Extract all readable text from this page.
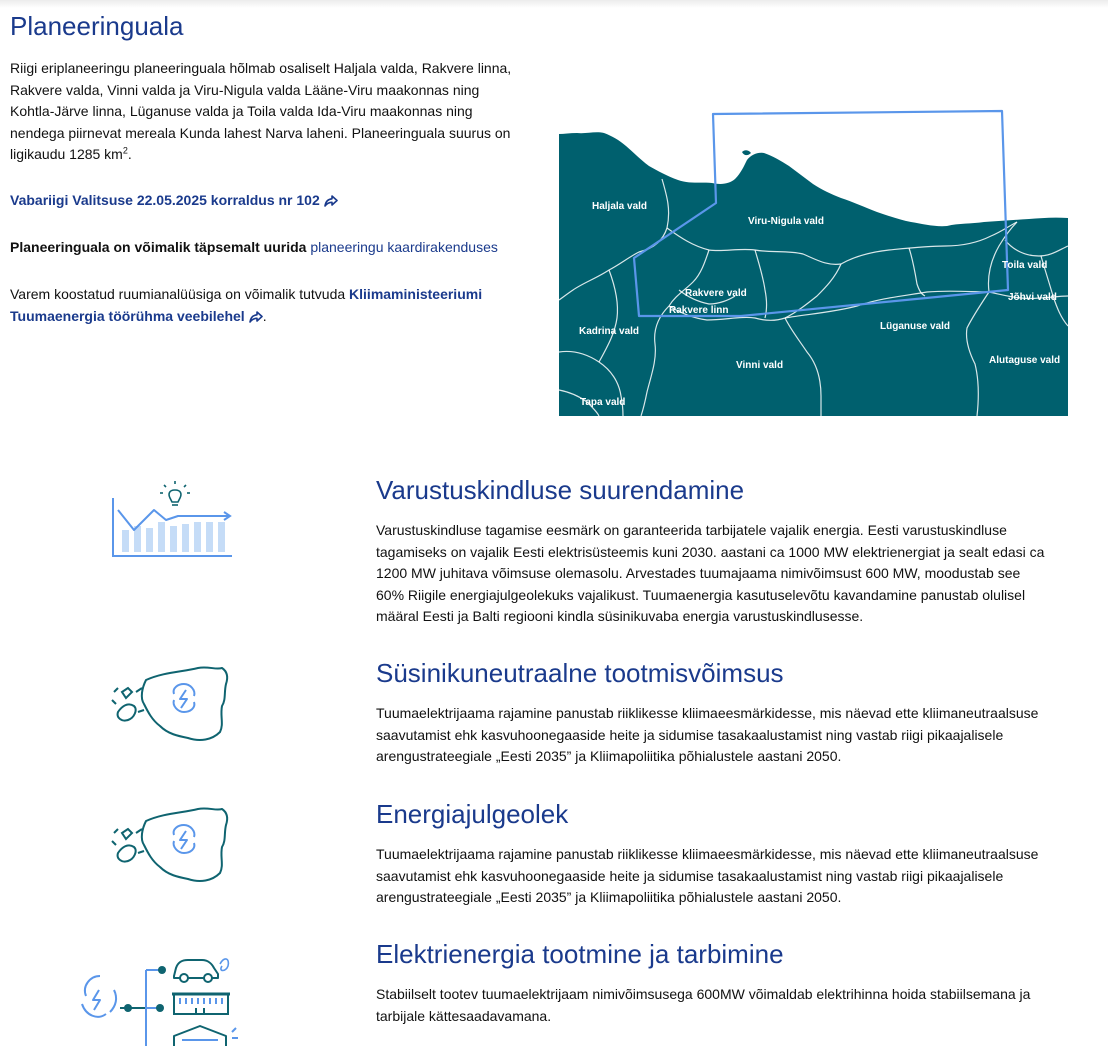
Planeeringuala

Riigi eriplaneeringu planeeringuala hõlmab osaliselt Haljala valda, Rakvere linna, Rakvere valda, Vinni valda ja Viru-Nigula valda Lääne-Viru maakonnas ning Kohtla-Järve linna, Lüganuse valda ja Toila valda Ida-Viru maakonnas ning nendega piirnevat mereala Kunda lahest Narva laheni. Planeeringuala suurus on ligikaudu 1285 $km^2$.

Vabariigi Valitsuse 22.05.2025 korraldus nr 102

Planeeringuala on võimalik täpsemalt uurida planeeringu kaardirakenduses

Varem koostatud ruumianalüüsiga on võimalik tutvuda Kliimaministeeriumi
Tuumaenergia töörühma veebilehel .

Haljala vald
Viru-Nigula vald
Rakvere vald
Rakvere linn
Kadrina vald	Lüganuse vald
Vinni vald
Toila vald
Jõhvi vald
Alutaguse vald
Tapa vald
Varustuskindluse suurendamine

Varustuskindluse tagamise eesmärk on garanteerida tarbijatele vajalik energia. Eesti varustuskindluse
tagamiseks on vajalik Eesti elektrisüsteemis kuni 2030. aastani ca 1000 MW elektrienergiat ja sealt edasi ca
1200 MW juhitava võimsuse olemasolu. Arvestades tuumajaama nimivõimsust 600 MW, moodustab see
60% Riigile energiajulgeolekuks vajalikust. Tuumaenergia kasutuselevõtu kavandamine panustab olulisel
määral Eesti ja Balti regiooni kindla süsinikuvaba energia varustuskindlusesse.

Süsinikuneutraalne tootmisvõimsus

Tuumaelektrijaama rajamine panustab riiklikesse kliimaeesmärkidesse, mis näevad ette kliimaneutraalsuse
saavutamist ehk kasvuhoonegaaside heite ja sidumise tasakaalustamist ning vastab riigi pikaajalisele
arengustrateegiale „Eesti 2035” ja Kliimapoliitika põhialustele aastani 2050.

Energiajulgeolek

Tuumaelektrijaama rajamine panustab riiklikesse kliimaeesmärkidesse, mis näevad ette kliimaneutraalsuse
saavutamist ehk kasvuhoonegaaside heite ja sidumise tasakaalustamist ning vastab riigi pikaajalisele
arengustrateegiale „Eesti 2035” ja Kliimapoliitika põhialustele aastani 2050.

Elektrienergia tootmine ja tarbimine

Stabiilselt tootev tuumaelektrijaam nimivõimsusega 600MW võimaldab elektrihinna hoida stabiilsemana ja
tarbijale kättesaadavamana.
